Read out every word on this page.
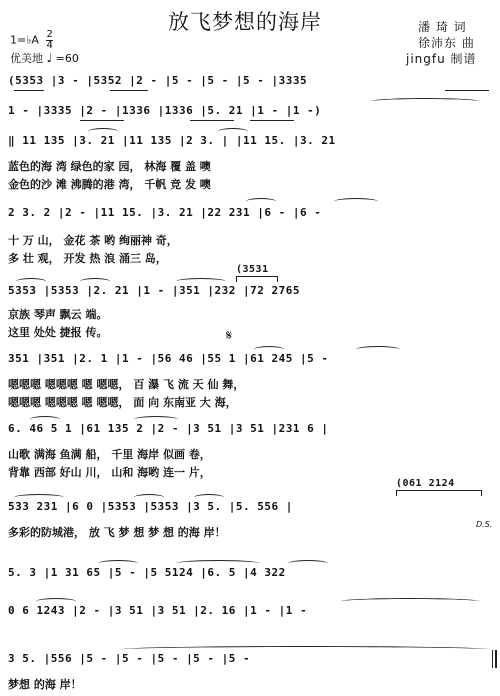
放飞梦想的海岸
1=♭A $\frac{2}{4}$
优美地 ♩ =60
潘 琦 词
徐沛东 曲
jingfu 制谱
(5353 |3 - |5352 |2 - |5 - |5 - |5 - |3335
1 - |3335 |2 - |1336 |1336 |5. 21 |1 - |1 -)
‖ 11 135 |3. 21 |11 135 |2 3. | |11 15. |3. 21
蓝色的海 湾 绿色的家 园， 林海 覆 盖 噢
金色的沙 滩 沸腾的港 湾， 千帆 竞 发 噢
2 3. 2 |2 - |11 15. |3. 21 |22 231 |6 - |6 -
十 万 山， 金花 茶 哟 绚丽神 奇，
多 壮 观， 开发 热 浪 涌三 岛，
(3531
5353 |5353 |2. 21 |1 - |351 |232 |72 2765
京族 琴声 飘云 端。
这里 处处 捷报 传。	𝄋
351 |351 |2. 1 |1 - |56 46 |55 1 |61 245 |5 -
嗯嗯嗯 嗯嗯嗯 嗯 嗯嗯， 百 瀑 飞 流 天 仙 舞，
嗯嗯嗯 嗯嗯嗯 嗯 嗯嗯， 面 向 东南亚 大 海，
6. 46 5 1 |61 135 2 |2 - |3 51 |3 51 |231 6 |
山歌 满海 鱼满 船， 千里 海岸 似画 卷，
背靠 西部 好山 川， 山和 海哟 连一 片，
(061 2124
533 231 |6 0 |5353 |5353 |3 5. |5. 556 |
多彩的防城港， 放 飞 梦 想 梦 想 的海 岸！
D.S.
5. 3 |1 31 65 |5 - |5 5124 |6. 5 |4 322
0 6 1243 |2 - |3 51 |3 51 |2. 16 |1 - |1 -
3 5. |556 |5 - |5 - |5 - |5 - |5 -
梦想 的海 岸！
